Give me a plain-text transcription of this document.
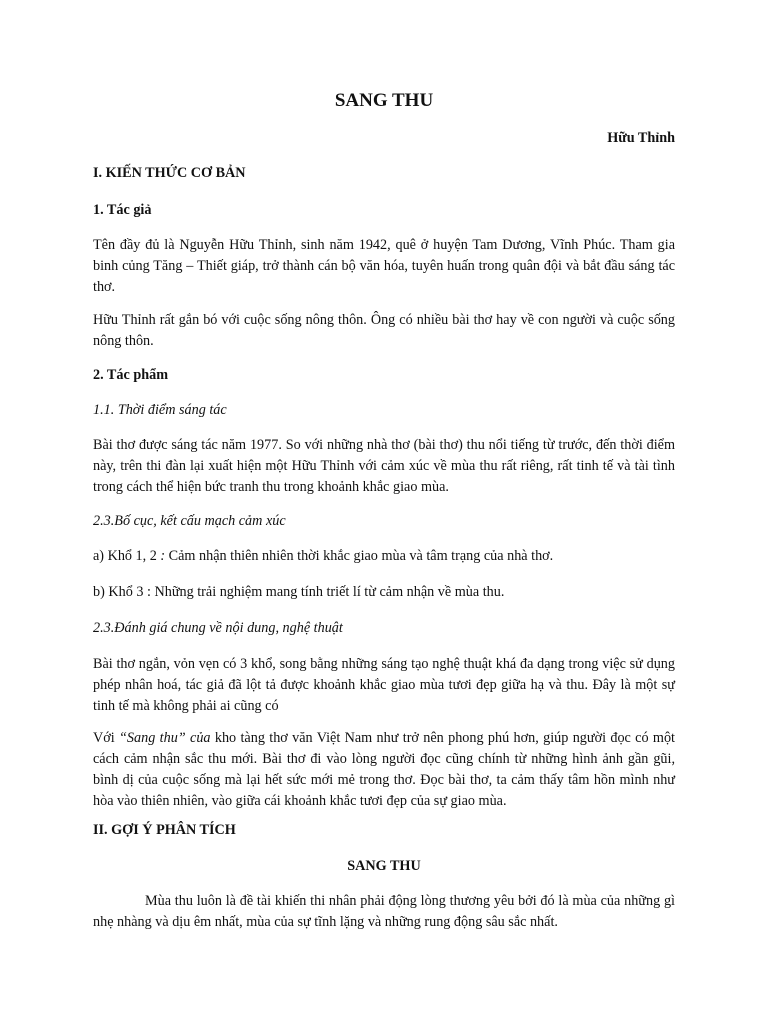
SANG THU
Hữu Thỉnh

I. KIẾN THỨC CƠ BẢN

1. Tác giả

Tên đầy đủ là Nguyễn Hữu Thỉnh, sinh năm 1942, quê ở huyện Tam Dương, Vĩnh Phúc. Tham gia binh củng Tăng – Thiết giáp, trở thành cán bộ văn hóa, tuyên huấn trong quân đội và bắt đầu sáng tác thơ.

Hữu Thỉnh rất gắn bó với cuộc sống nông thôn. Ông có nhiều bài thơ hay về con người và cuộc sống nông thôn.

2. Tác phẩm

1.1. Thời điểm sáng tác

Bài thơ được sáng tác năm 1977. So với những nhà thơ (bài thơ) thu nổi tiếng từ trước, đến thời điểm này, trên thi đàn lại xuất hiện một Hữu Thỉnh với cảm xúc về mùa thu rất riêng, rất tinh tế và tài tình trong cách thể hiện bức tranh thu trong khoảnh khắc giao mùa.

2.3.Bố cục, kết cấu mạch cảm xúc

a) Khổ 1, 2 : Cảm nhận thiên nhiên thời khắc giao mùa và tâm trạng của nhà thơ.

b) Khổ 3 : Những trải nghiệm mang tính triết lí từ cảm nhận về mùa thu.

2.3.Đánh giá chung về nội dung, nghệ thuật

Bài thơ ngắn, vỏn vẹn có 3 khổ, song bằng những sáng tạo nghệ thuật khá đa dạng trong việc sử dụng phép nhân hoá, tác giả đã lột tả được khoảnh khắc giao mùa tươi đẹp giữa hạ và thu. Đây là một sự tinh tế mà không phải ai cũng có

Với “Sang thu” của kho tàng thơ văn Việt Nam như trở nên phong phú hơn, giúp người đọc có một cách cảm nhận sắc thu mới. Bài thơ đi vào lòng người đọc cũng chính từ những hình ảnh gần gũi, bình dị của cuộc sống mà lại hết sức mới mẻ trong thơ. Đọc bài thơ, ta cảm thấy tâm hồn mình như hòa vào thiên nhiên, vào giữa cái khoảnh khắc tươi đẹp của sự giao mùa.

II. GỢI Ý PHÂN TÍCH

SANG THU

Mùa thu luôn là đề tài khiến thi nhân phải động lòng thương yêu bởi đó là mùa của những gì nhẹ nhàng và dịu êm nhất, mùa của sự tĩnh lặng và những rung động sâu sắc nhất.
